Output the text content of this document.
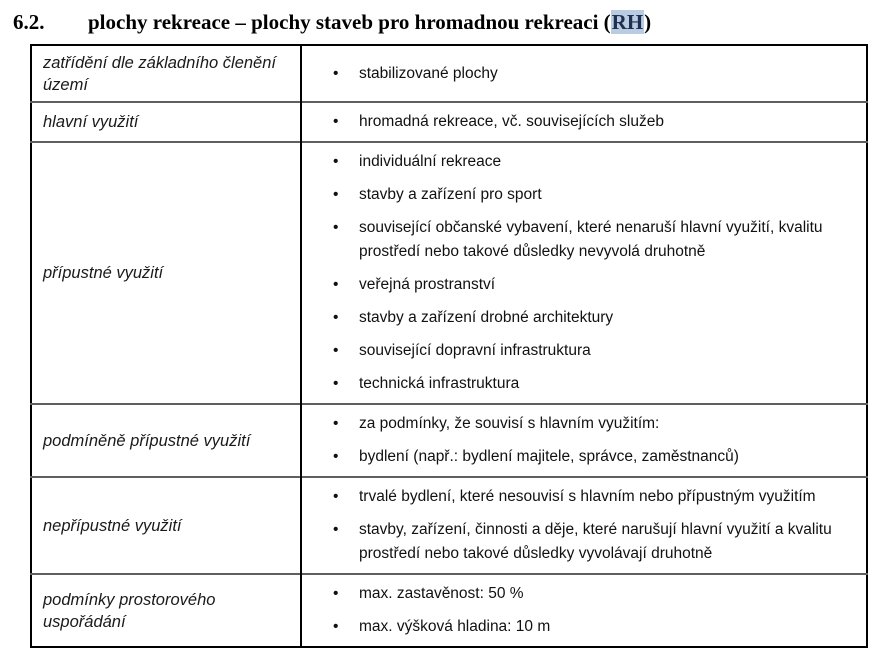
6.2.	plochy rekreace – plochy staveb pro hromadnou rekreaci (RH)
zatřídění dle základního členění území	
• stabilizované plochy

hlavní využití	
•hromadná rekreace, vč. souvisejících služeb

přípustné využití	
• individuální rekreace
• stavby a zařízení pro sport
• související občanské vybavení, které nenaruší hlavní využití, kvalitu prostředí nebo takové důsledky nevyvolá druhotně
• veřejná prostranství
• stavby a zařízení drobné architektury
• související dopravní infrastruktura
• technická infrastruktura

podmíněně přípustné využití	
• za podmínky, že souvisí s hlavním využitím:
• bydlení (např.: bydlení majitele, správce, zaměstnanců)

nepřípustné využití	
• trvalé bydlení, které nesouvisí s hlavním nebo přípustným využitím
• stavby, zařízení, činnosti a děje, které narušují hlavní využití a kvalitu prostředí nebo takové důsledky vyvolávají druhotně

podmínky prostorového uspořádání	
• max. zastavěnost: 50 %
• max. výšková hladina: 10 m
